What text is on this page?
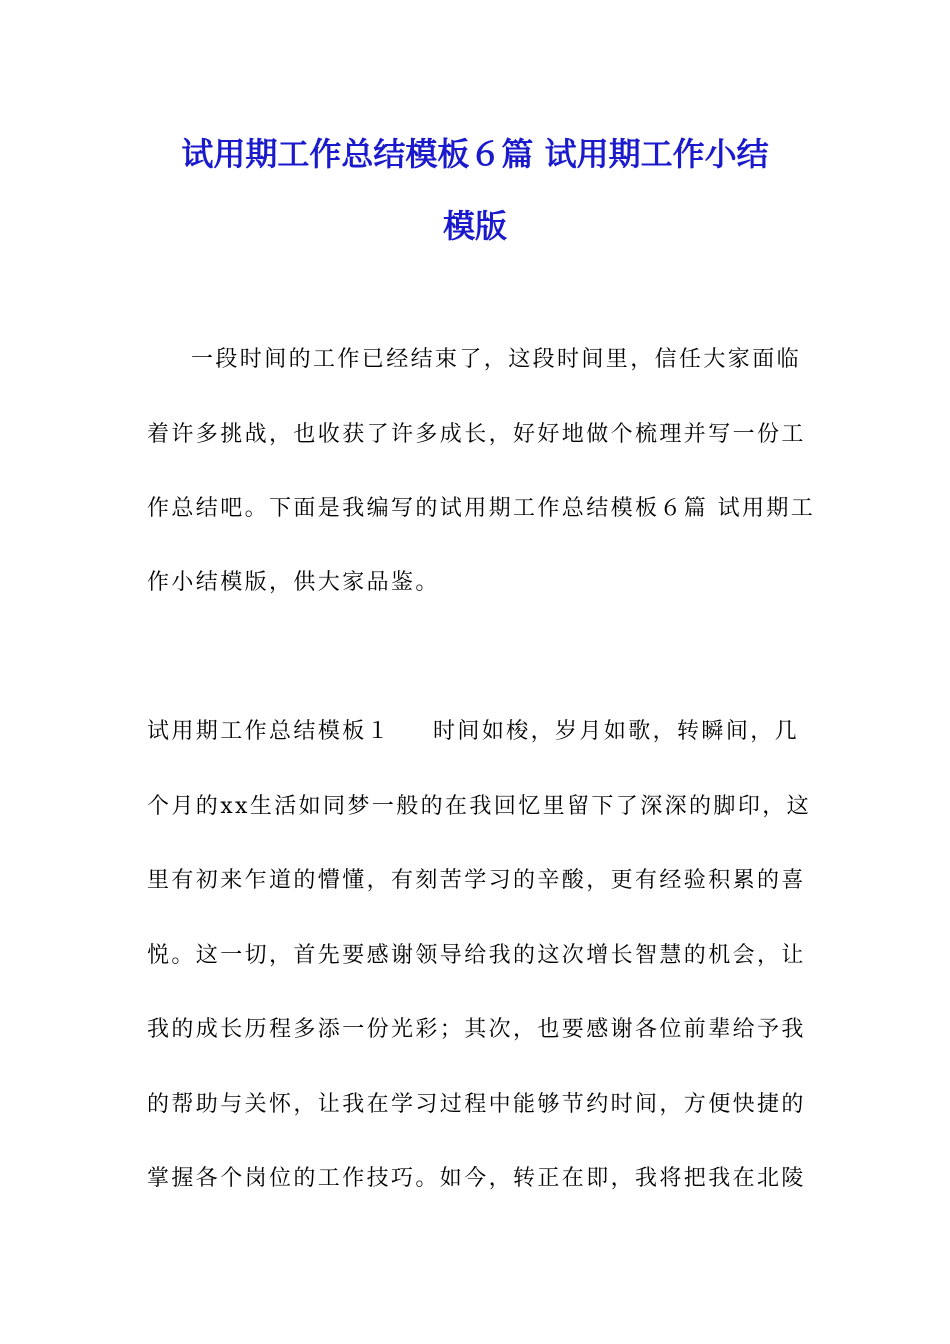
试用期工作总结模板６篇 试用期工作小结
模版
一段时间的工作已经结束了，这段时间里，信任大家面临
着许多挑战，也收获了许多成长，好好地做个梳理并写一份工
作总结吧。下面是我编写的试用期工作总结模板６篇 试用期工
作小结模版，供大家品鉴。
试用期工作总结模板１ 时间如梭，岁月如歌，转瞬间，几
个月的xx生活如同梦一般的在我回忆里留下了深深的脚印，这
里有初来乍道的懵懂，有刻苦学习的辛酸，更有经验积累的喜
悦。这一切，首先要感谢领导给我的这次增长智慧的机会，让
我的成长历程多添一份光彩；其次，也要感谢各位前辈给予我
的帮助与关怀，让我在学习过程中能够节约时间，方便快捷的
掌握各个岗位的工作技巧。如今，转正在即，我将把我在北陵
